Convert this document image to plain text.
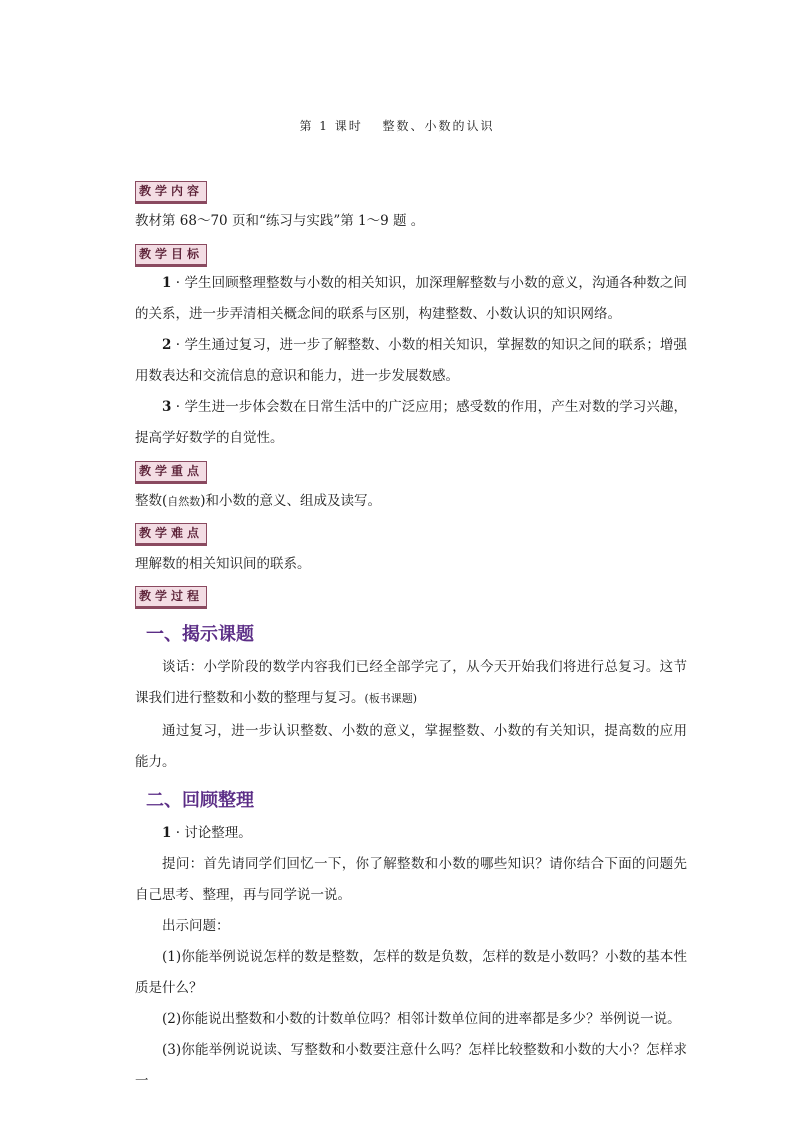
第 1 课时　 整数、小数的认识
教学内容
教材第 68～70 页和“练习与实践”第 1～9 题 。
教学目标
1 · 学生回顾整理整数与小数的相关知识，加深理解整数与小数的意义，沟通各种数之间的关系，进一步弄清相关概念间的联系与区别，构建整数、小数认识的知识网络。
2 · 学生通过复习，进一步了解整数、小数的相关知识，掌握数的知识之间的联系；增强用数表达和交流信息的意识和能力，进一步发展数感。
3 · 学生进一步体会数在日常生活中的广泛应用；感受数的作用，产生对数的学习兴趣，提高学好数学的自觉性。
教学重点
整数(自然数)和小数的意义、组成及读写。
教学难点
理解数的相关知识间的联系。
教学过程
一、揭示课题
谈话：小学阶段的数学内容我们已经全部学完了，从今天开始我们将进行总复习。这节课我们进行整数和小数的整理与复习。(板书课题)
通过复习，进一步认识整数、小数的意义，掌握整数、小数的有关知识，提高数的应用能力。
二、回顾整理
1 · 讨论整理。
提问：首先请同学们回忆一下，你了解整数和小数的哪些知识？请你结合下面的问题先自己思考、整理，再与同学说一说。
出示问题：
(1)你能举例说说怎样的数是整数，怎样的数是负数，怎样的数是小数吗？小数的基本性质是什么？
(2)你能说出整数和小数的计数单位吗？相邻计数单位间的进率都是多少？举例说一说。
(3)你能举例说说读、写整数和小数要注意什么吗？怎样比较整数和小数的大小？怎样求一
